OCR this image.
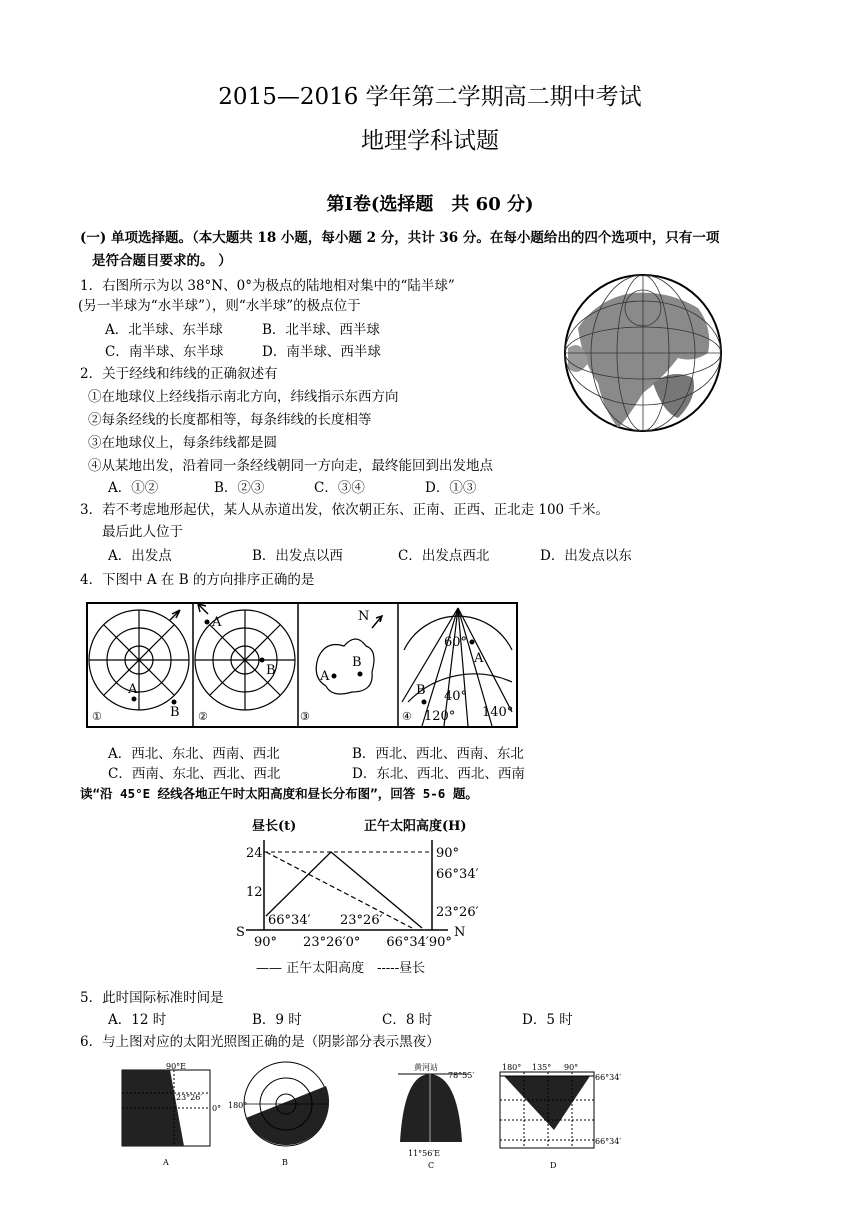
2015—2016 学年第二学期高二期中考试
地理学科试题
第Ⅰ卷(选择题　共 60 分)
(一) 单项选择题。（本大题共 18 小题，每小题 2 分，共计 36 分。在每小题给出的四个选项中，只有一项
是符合题目要求的。 ）
1．右图所示为以 38°N、0°为极点的陆地相对集中的“陆半球”
(另一半球为“水半球”），则“水半球”的极点位于
A．北半球、东半球	B．北半球、西半球
C．南半球、东半球	D．南半球、西半球
2．关于经线和纬线的正确叙述有
①在地球仪上经线指示南北方向，纬线指示东西方向
②每条经线的长度都相等，每条纬线的长度相等
③在地球仪上，每条纬线都是圆
④从某地出发，沿着同一条经线朝同一方向走，最终能回到出发地点
A．①②	B．②③	C．③④	D．①③
3．若不考虑地形起伏，某人从赤道出发，依次朝正东、正南、正西、正北走 100 千米。
最后此人位于
A．出发点	B．出发点以西	C．出发点西北	D．出发点以东
4．下图中 A 在 B 的方向排序正确的是
A
B
①
A
B
②
A
B
N
③
60°
A
B 40°
120° 140°
④
A．西北、东北、西南、西北	B．西北、西北、西南、东北
C．西南、东北、西北、西北	D．东北、西北、西北、西南
读“沿 45°E 经线各地正午时太阳高度和昼长分布图”，回答 5-6 题。
昼长(t)	正午太阳高度(H)
24
12
90°
66°34′
23°26′
66°34′ 23°26′
S	N
90°　　23°26′0°　　66°34′90°
—— 正午太阳高度　-----昼长
5．此时国际标准时间是
A．12 时	B．9 时	C．8 时	D．5 时
6．与上图对应的太阳光照图正确的是（阴影部分表示黑夜）
90°E
23°26′
0°
A
180°
B
黄河站
78°55′
11°56′E
C
180° 135° 90°
66°34′
66°34′
D
